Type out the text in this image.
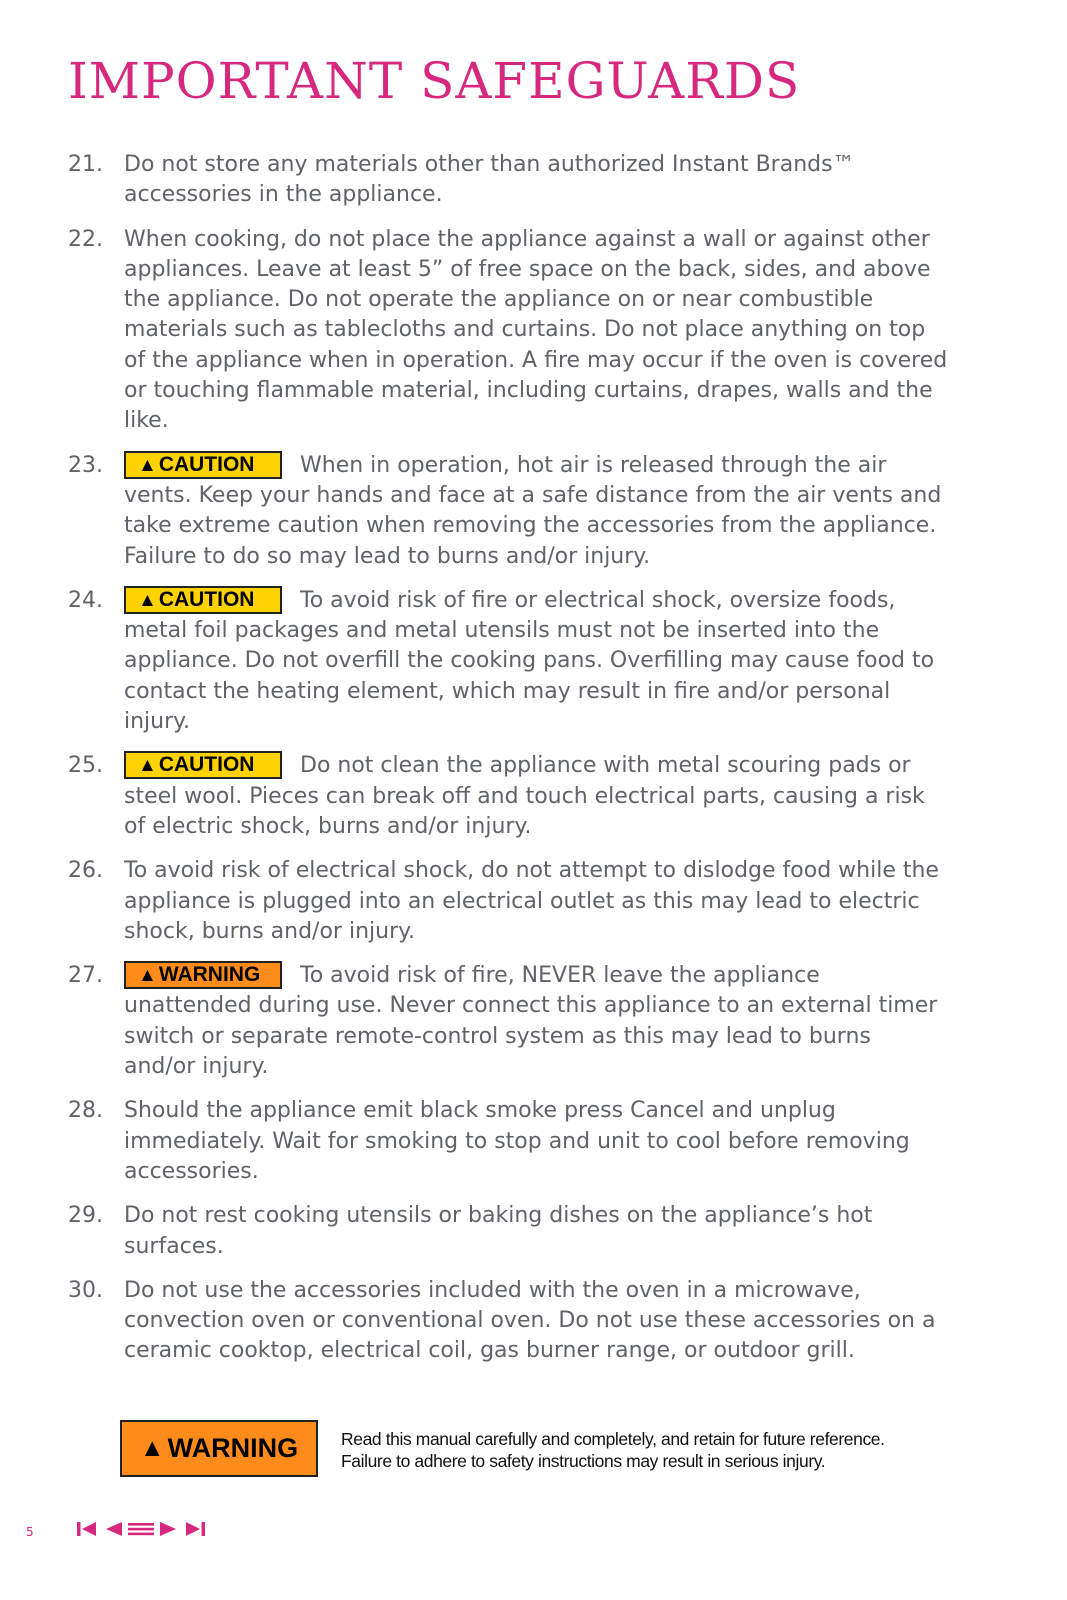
IMPORTANT SAFEGUARDS
21. Do not store any materials other than authorized Instant Brands™ accessories in the appliance.
22. When cooking, do not place the appliance against a wall or against other appliances. Leave at least 5” of free space on the back, sides, and above the appliance. Do not operate the appliance on or near combustible materials such as tablecloths and curtains. Do not place anything on top of the appliance when in operation. A fire may occur if the oven is covered or touching flammable material, including curtains, drapes, walls and the like.
23. ▲CAUTION When in operation, hot air is released through the air vents. Keep your hands and face at a safe distance from the air vents and take extreme caution when removing the accessories from the appliance. Failure to do so may lead to burns and/or injury.
24. ▲CAUTION To avoid risk of fire or electrical shock, oversize foods, metal foil packages and metal utensils must not be inserted into the appliance. Do not overfill the cooking pans. Overfilling may cause food to contact the heating element, which may result in fire and/or personal injury.
25. ▲CAUTION Do not clean the appliance with metal scouring pads or steel wool. Pieces can break off and touch electrical parts, causing a risk of electric shock, burns and/or injury.
26. To avoid risk of electrical shock, do not attempt to dislodge food while the appliance is plugged into an electrical outlet as this may lead to electric shock, burns and/or injury.
27. ▲WARNING To avoid risk of fire, NEVER leave the appliance unattended during use. Never connect this appliance to an external timer switch or separate remote-control system as this may lead to burns and/or injury.
28. Should the appliance emit black smoke press Cancel and unplug immediately. Wait for smoking to stop and unit to cool before removing accessories.
29. Do not rest cooking utensils or baking dishes on the appliance’s hot surfaces.
30. Do not use the accessories included with the oven in a microwave, convection oven or conventional oven. Do not use these accessories on a ceramic cooktop, electrical coil, gas burner range, or outdoor grill.
▲ WARNING Read this manual carefully and completely, and retain for future reference.
Failure to adhere to safety instructions may result in serious injury.
5
